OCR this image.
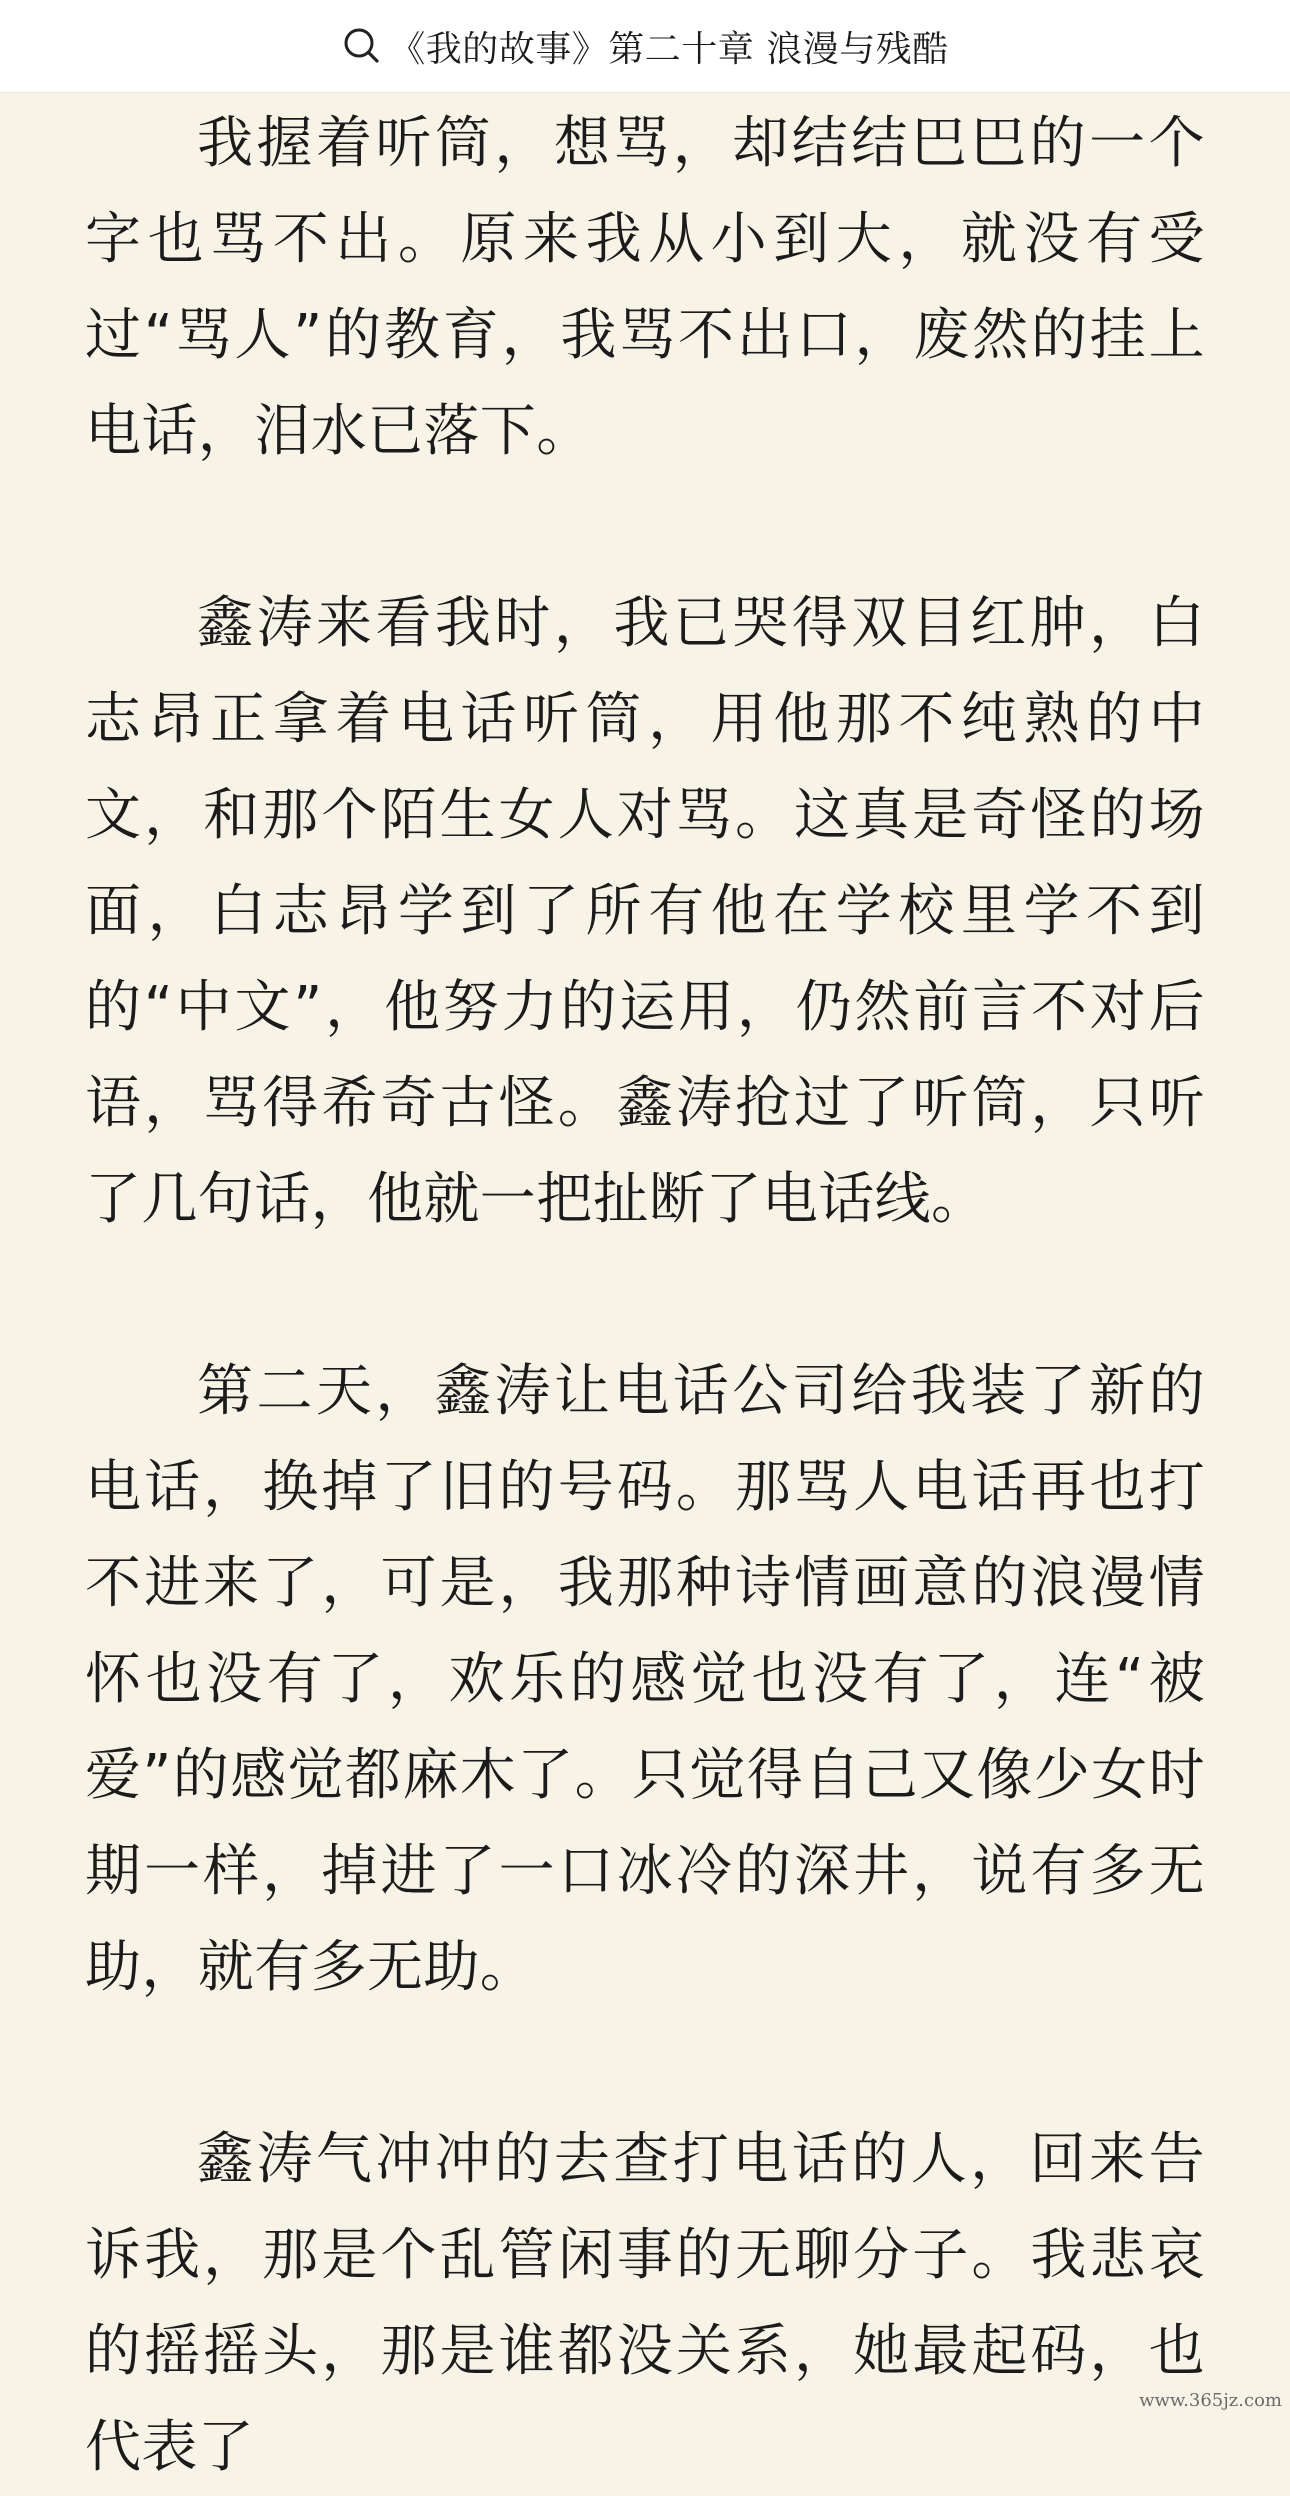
《我的故事》第二十章 浪漫与残酷

我握着听筒，想骂，却结结巴巴的一个字也骂不出。原来我从小到大，就没有受过“骂人”的教育，我骂不出口，废然的挂上电话，泪水已落下。

鑫涛来看我时，我已哭得双目红肿，白志昂正拿着电话听筒，用他那不纯熟的中文，和那个陌生女人对骂。这真是奇怪的场面，白志昂学到了所有他在学校里学不到的“中文”，他努力的运用，仍然前言不对后语，骂得希奇古怪。鑫涛抢过了听筒，只听了几句话，他就一把扯断了电话线。

第二天，鑫涛让电话公司给我装了新的电话，换掉了旧的号码。那骂人电话再也打不进来了，可是，我那种诗情画意的浪漫情怀也没有了，欢乐的感觉也没有了，连“被爱”的感觉都麻木了。只觉得自己又像少女时期一样，掉进了一口冰冷的深井，说有多无助，就有多无助。

鑫涛气冲冲的去查打电话的人，回来告诉我，那是个乱管闲事的无聊分子。我悲哀的摇摇头，那是谁都没关系，她最起码，也代表了

www.365jz.com
